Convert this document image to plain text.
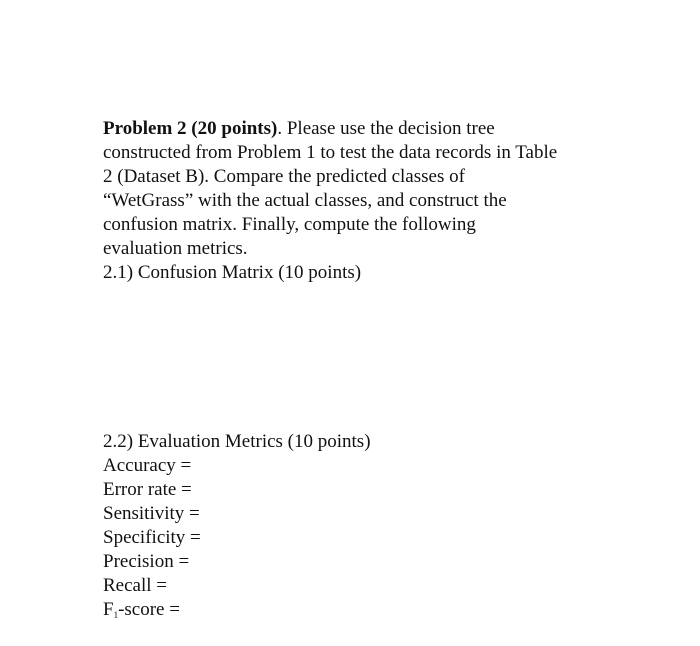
Problem 2 (20 points). Please use the decision tree
constructed from Problem 1 to test the data records in Table
2 (Dataset B). Compare the predicted classes of
“WetGrass” with the actual classes, and construct the
confusion matrix. Finally, compute the following
evaluation metrics.
2.1) Confusion Matrix (10 points)
2.2) Evaluation Metrics (10 points)
Accuracy =
Error rate =
Sensitivity =
Specificity =
Precision =
Recall =
$F_1$-score =
